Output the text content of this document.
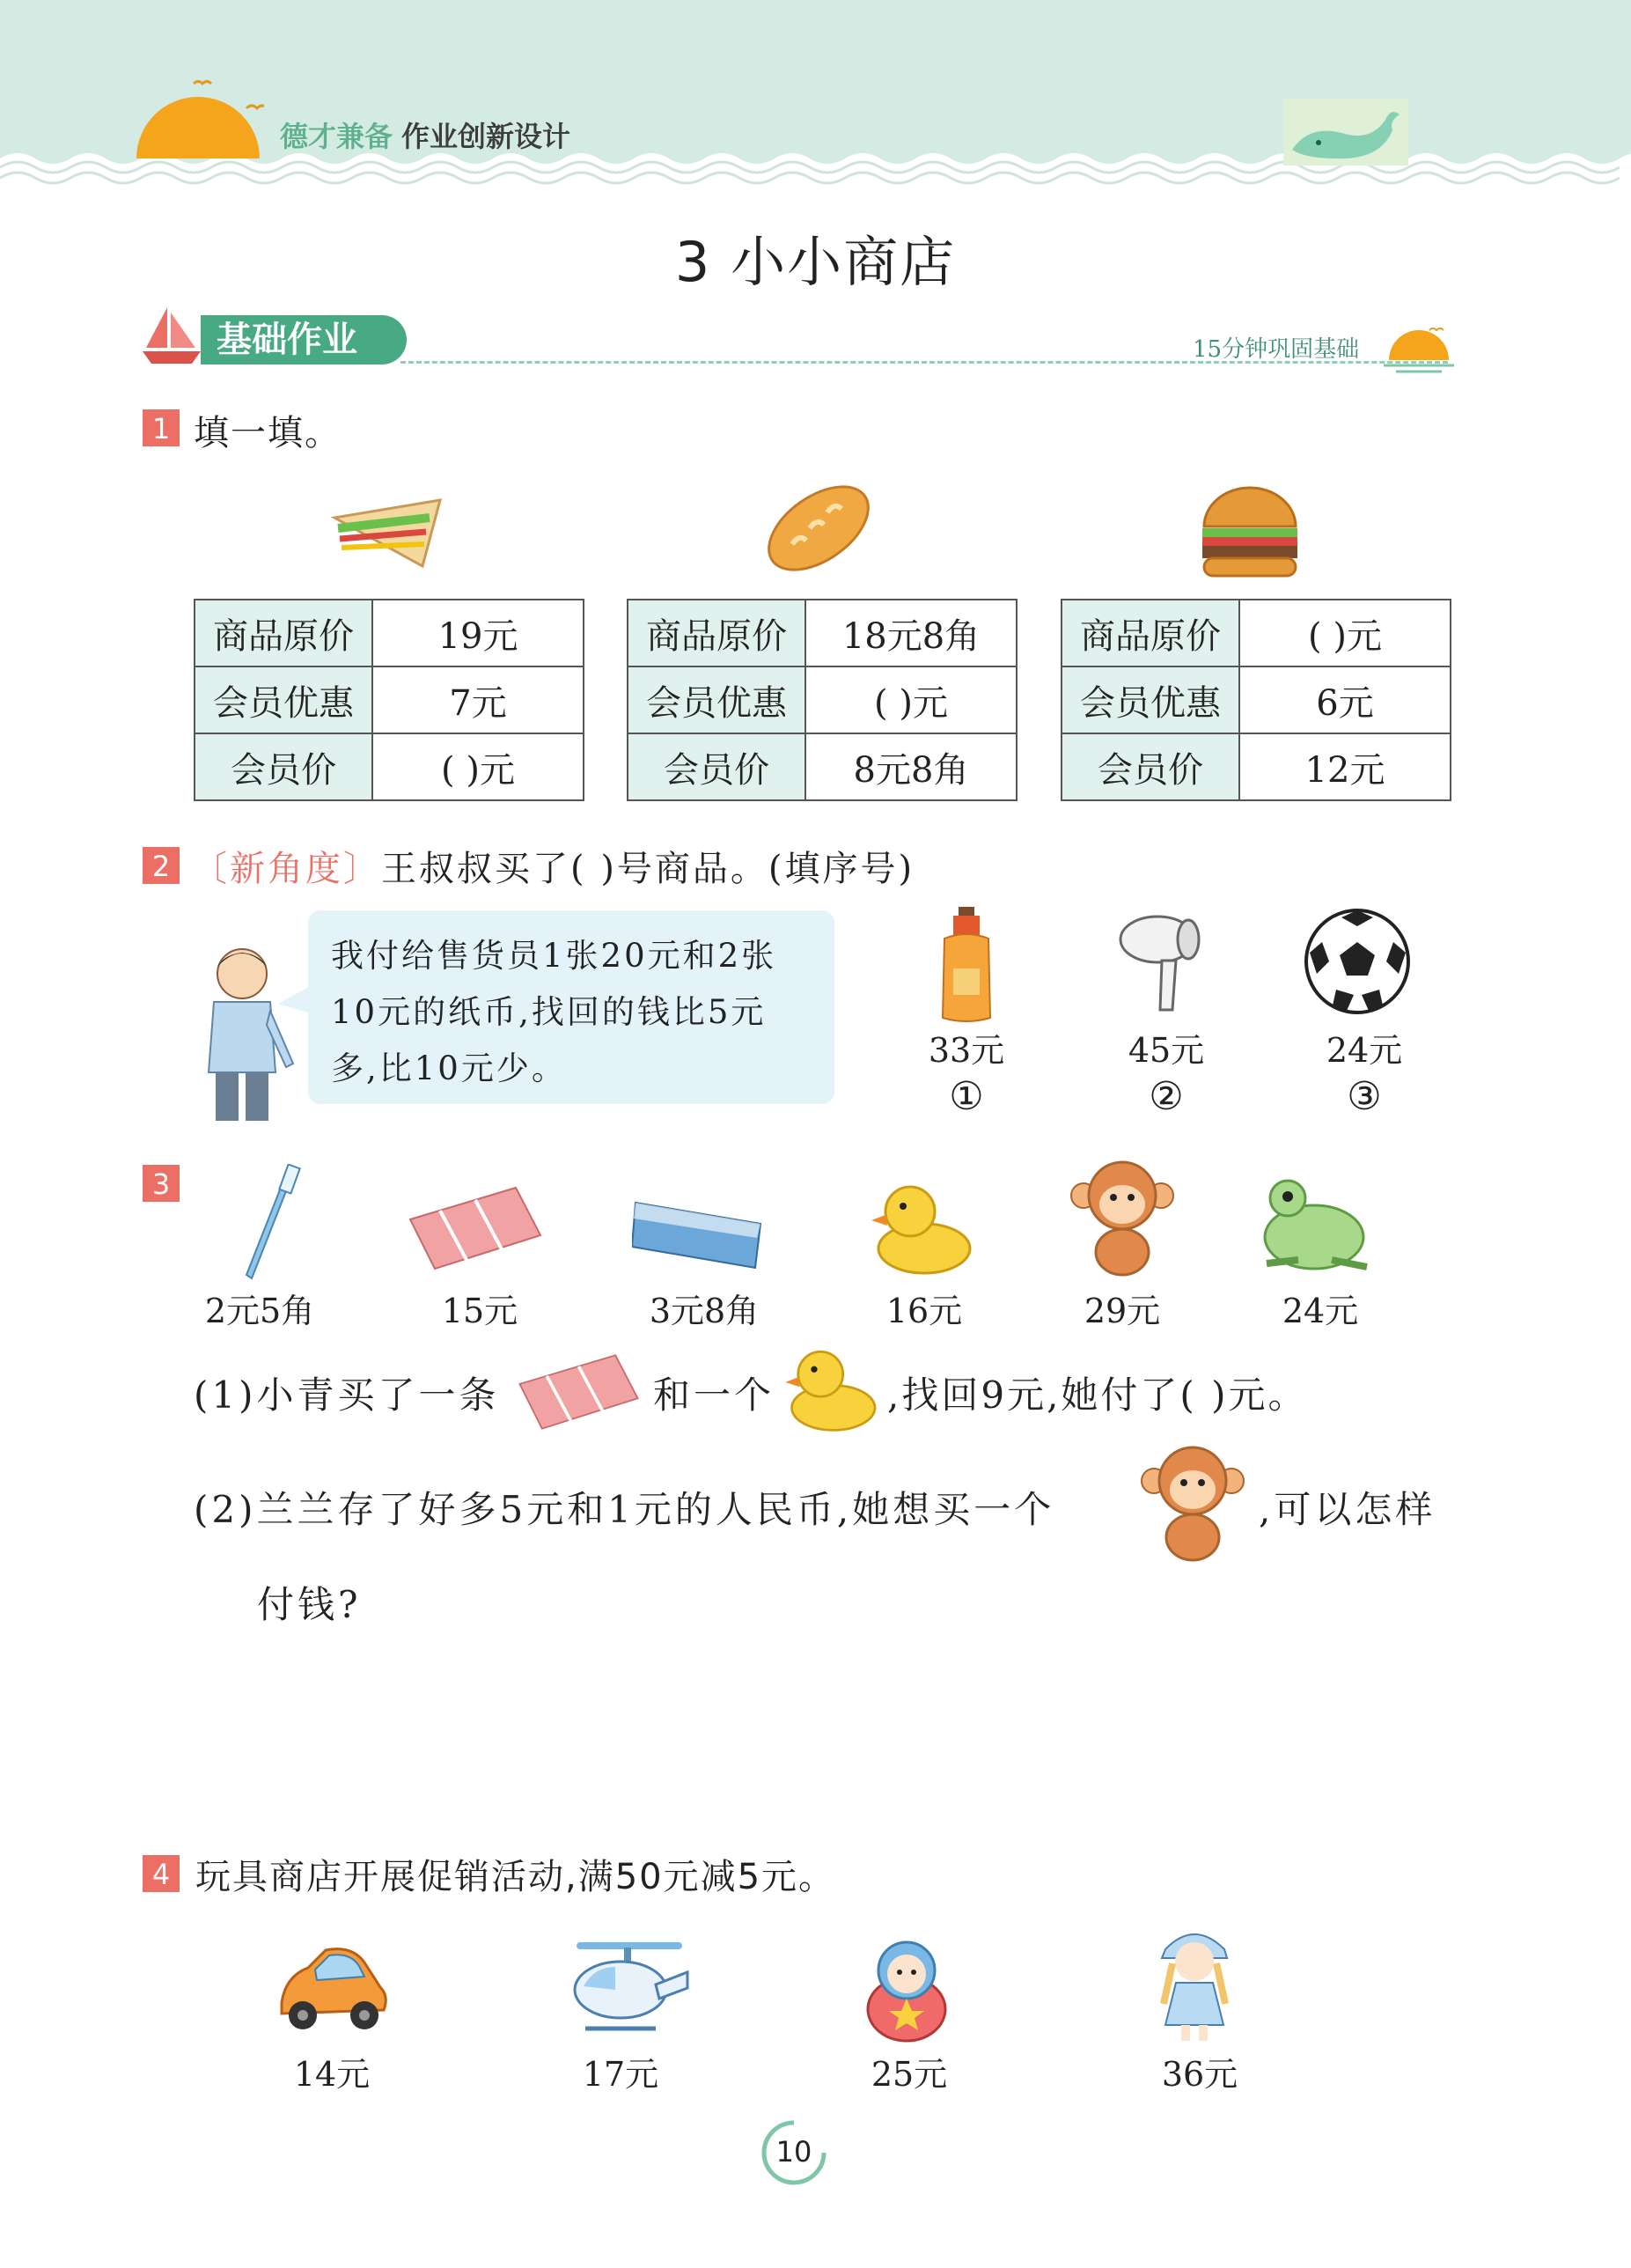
德才兼备 作业创新设计
3 小小商店
基础作业	15分钟巩固基础
1 填一填。
商品原价	19元
会员优惠	7元
会员价	( )元
商品原价	18元8角
会员优惠	( )元
会员价	8元8角
商品原价	( )元
会员优惠	6元
会员价	12元
2 〔新角度〕王叔叔买了( )号商品。(填序号)
我付给售货员1张20元和2张
10元的纸币,找回的钱比5元
多,比10元少。	33元	45元	24元
①	②	③
3
2元5角	15元	3元8角	16元	29元	24元
(1)小青买了一条	和一个	,找回9元,她付了( )元。
(2)兰兰存了好多5元和1元的人民币,她想买一个	,可以怎样
付钱?
4 玩具商店开展促销活动,满50元减5元。
14元	17元	25元	36元
10
